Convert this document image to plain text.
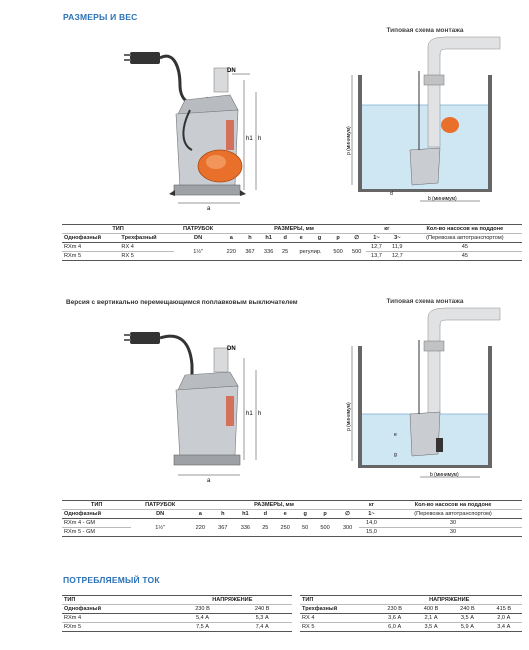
РАЗМЕРЫ И ВЕС
Типовая схема монтажа
DN
h1 h
a
p (минимум)
d
b (минимум)
ТИП		ПАТРУБОК	РАЗМЕРЫ, мм								кг		Кол-во насосов на поддоне
Однофазный	Трехфазный	DN	a	h	h1	d	e	g	p	∅	1~	3~	(Перевозка автотранспортом)
RXm 4	RX 4	1½"	220	367	336	25	регулир.		500	500	12,7	11,9	45
RXm 5	RX 5										13,7	12,7	45
Версия с вертикально перемещающимся поплавковым выключателем	Типовая схема монтажа
DN
h1 h
a
p (минимум)
e
g
b (минимум)
ТИП	ПАТРУБОК	РАЗМЕРЫ, мм								кг	Кол-во насосов на поддоне
Однофазный	DN	a	h	h1	d	e	g	p	∅	1~	(Перевозка автотранспортом)
RXm 4 - GM	1½"	220	367	336	25	250	50	500	300	14,0	30
RXm 5 - GM										15,0	30
ПОТРЕБЛЯЕМЫЙ ТОК
ТИП	НАПРЯЖЕНИЕ	
Однофазный	230 В	240 В
RXm 4	5,4 А	5,3 А
RXm 5	7,5 А	7,4 А
ТИП	НАПРЯЖЕНИЕ			
Трехфазный	230 В	400 В	240 В	415 В
RX 4	3,6 А	2,1 А	3,5 А	2,0 А
RX 5	6,0 А	3,5 А	5,9 А	3,4 А
